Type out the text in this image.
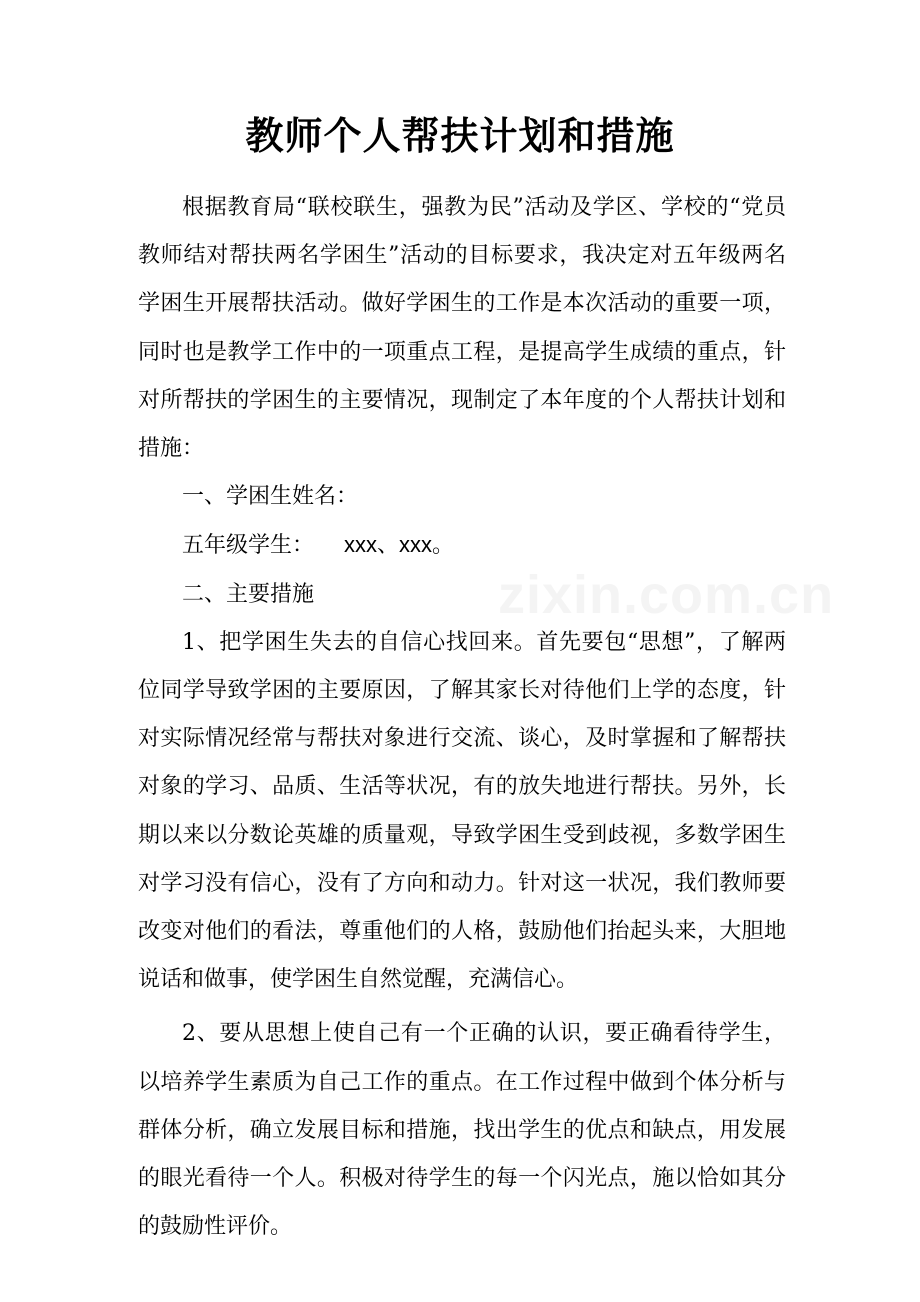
zixin.com.cn
教师个人帮扶计划和措施

根据教育局“联校联生，强教为民”活动及学区、学校的“党员教师结对帮扶两名学困生”活动的目标要求，我决定对五年级两名学困生开展帮扶活动。做好学困生的工作是本次活动的重要一项，同时也是教学工作中的一项重点工程，是提高学生成绩的重点，针对所帮扶的学困生的主要情况，现制定了本年度的个人帮扶计划和措施：

一、学困生姓名：

五年级学生： xxx、xxx。

二、主要措施

1、把学困生失去的自信心找回来。首先要包“思想”，了解两位同学导致学困的主要原因，了解其家长对待他们上学的态度，针对实际情况经常与帮扶对象进行交流、谈心，及时掌握和了解帮扶对象的学习、品质、生活等状况，有的放失地进行帮扶。另外，长期以来以分数论英雄的质量观，导致学困生受到歧视，多数学困生对学习没有信心，没有了方向和动力。针对这一状况，我们教师要改变对他们的看法，尊重他们的人格，鼓励他们抬起头来，大胆地说话和做事，使学困生自然觉醒，充满信心。

2、要从思想上使自己有一个正确的认识，要正确看待学生，以培养学生素质为自己工作的重点。在工作过程中做到个体分析与群体分析，确立发展目标和措施，找出学生的优点和缺点，用发展的眼光看待一个人。积极对待学生的每一个闪光点，施以恰如其分的鼓励性评价。
